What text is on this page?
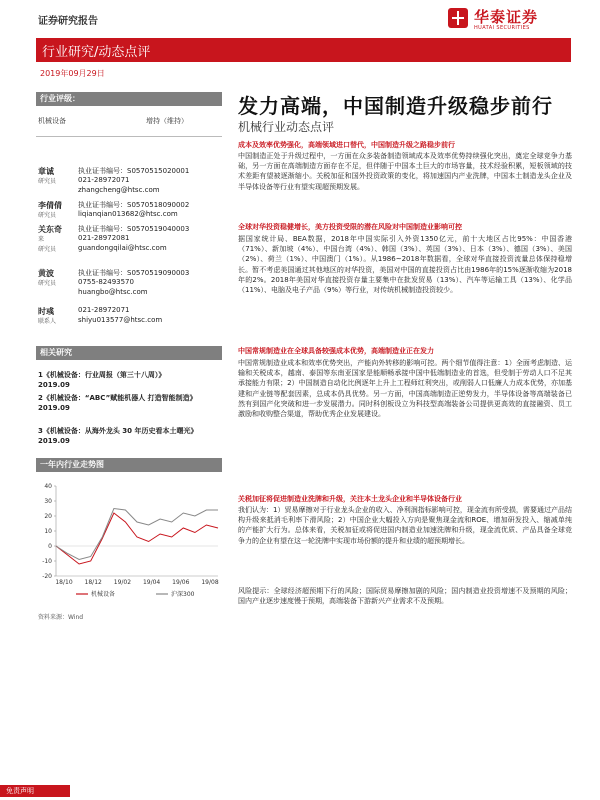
证券研究报告	华泰证券
HUATAI SECURITIES
行业研究/动态点评
2019年09月29日
行业评级：
机械设备	增持（维持）
章诚
研究员
执业证书编号：S0570515020001
021-28972071
zhangcheng@htsc.com
李倩倩
研究员
执业证书编号：S0570518090002
liqianqian013682@htsc.com
关东奇
来
研究员
执业证书编号：S0570519040003
021-28972081
guandongqilai@htsc.com
黄波
研究员
执业证书编号：S0570519090003
0755-82493570
huangbo@htsc.com
时彧
联系人
021-28972071
shiyu013577@htsc.com
相关研究
1《机械设备：行业周报（第三十八周）》
2019.09
2《机械设备：“ABC”赋能机器人 打造智能制造》
2019.09
3《机械设备：从海外龙头 30 年历史看本土曙光》
2019.09
一年内行业走势图
-20
-10
0
10
20
30
40
18/10 18/12 19/02 19/04 19/06 19/08
机械设备	沪深300
资料来源：Wind
发力高端，中国制造升级稳步前行
机械行业动态点评
成本及效率优势强化，高端领域进口替代，中国制造升级之路稳步前行
中国制造正处于升级过程中，一方面在众多装备制造领域成本及效率优势持续强化突出，奠定全球竞争力基础，另一方面在高端制造方面存在不足，但伴随于中国本土巨大的市场容量，技术经验积累，短板领域的技术差距有望被逐渐缩小。关税加征和国外投资政策的变化，将加速国内产业洗牌，中国本土制造龙头企业及半导体设备等行业有望实现超预期发展。
全球对华投资稳健增长，美方投资受限的潜在风险对中国制造业影响可控
据国家统计局、BEA数据，2018年中国实际引入外资1350亿元，前十大地区占比95%：中国香港（71%）、新加坡（4%）、中国台湾（4%）、韩国（3%）、英国（3%）、日本（3%）、德国（3%）、美国（2%）、荷兰（1%）、中国澳门（1%）。从1986~2018年数据看，全球对华直接投资流量总体保持稳增长。暂不考虑美国通过其他地区的对华投资，美国对中国的直接投资占比由1986年的15%逐渐收缩为2018年的2%。2018年美国对华直接投资存量主要集中在批发贸易（13%）、汽车等运输工具（13%）、化学品（11%）、电脑及电子产品（9%）等行业，对传统机械制造投资较少。
中国常规制造业在全球具备较强成本优势，高端制造业正在发力
中国常规制造业成本和效率优势突出，产能向外转移的影响可控。两个细节值得注意：1）全面考虑制造、运输和关税成本，越南、泰国等东南亚国家是能顺畅承接中国中低端制造业的首选，但受制于劳动人口不足其承接能力有限；2）中国制造自动化比例逐年上升上工程师红利突出，或削弱人口低廉人力成本优势，亦加基建和产业链等配套因素，总成本仍具优势。另一方面，中国高端制造正逆势发力，半导体设备等高端装备已然有到国产化突破和进一步发展潜力。同时科创板设立为科技型高端装备公司提供更高效的直接融资、员工激励和收购整合渠道，帮助优秀企业发展建设。
关税加征将促进制造业洗牌和升级，关注本土龙头企业和半导体设备行业
我们认为：1）贸易摩擦对于行业龙头企业的收入、净利润指标影响可控，现金流有所受损，需要通过产品结构升级来抵消毛利率下滑风险；2）中国企业大幅投入方向是聚焦现金流和ROE、增加研发投入、缩减单纯的产能扩大行为。总体来看，关税加征或将促进国内制造业加速洗牌和升级，现金流优质、产品具备全球竞争力的企业有望在这一轮洗牌中实现市场份额的提升和业绩的超预期增长。
风险提示：全球经济超预期下行的风险；国际贸易摩擦加剧的风险；国内制造业投资增速不及预期的风险；国内产业逐步速度慢于预期，高端装备下游新兴产业需求不及预期。
免责声明
